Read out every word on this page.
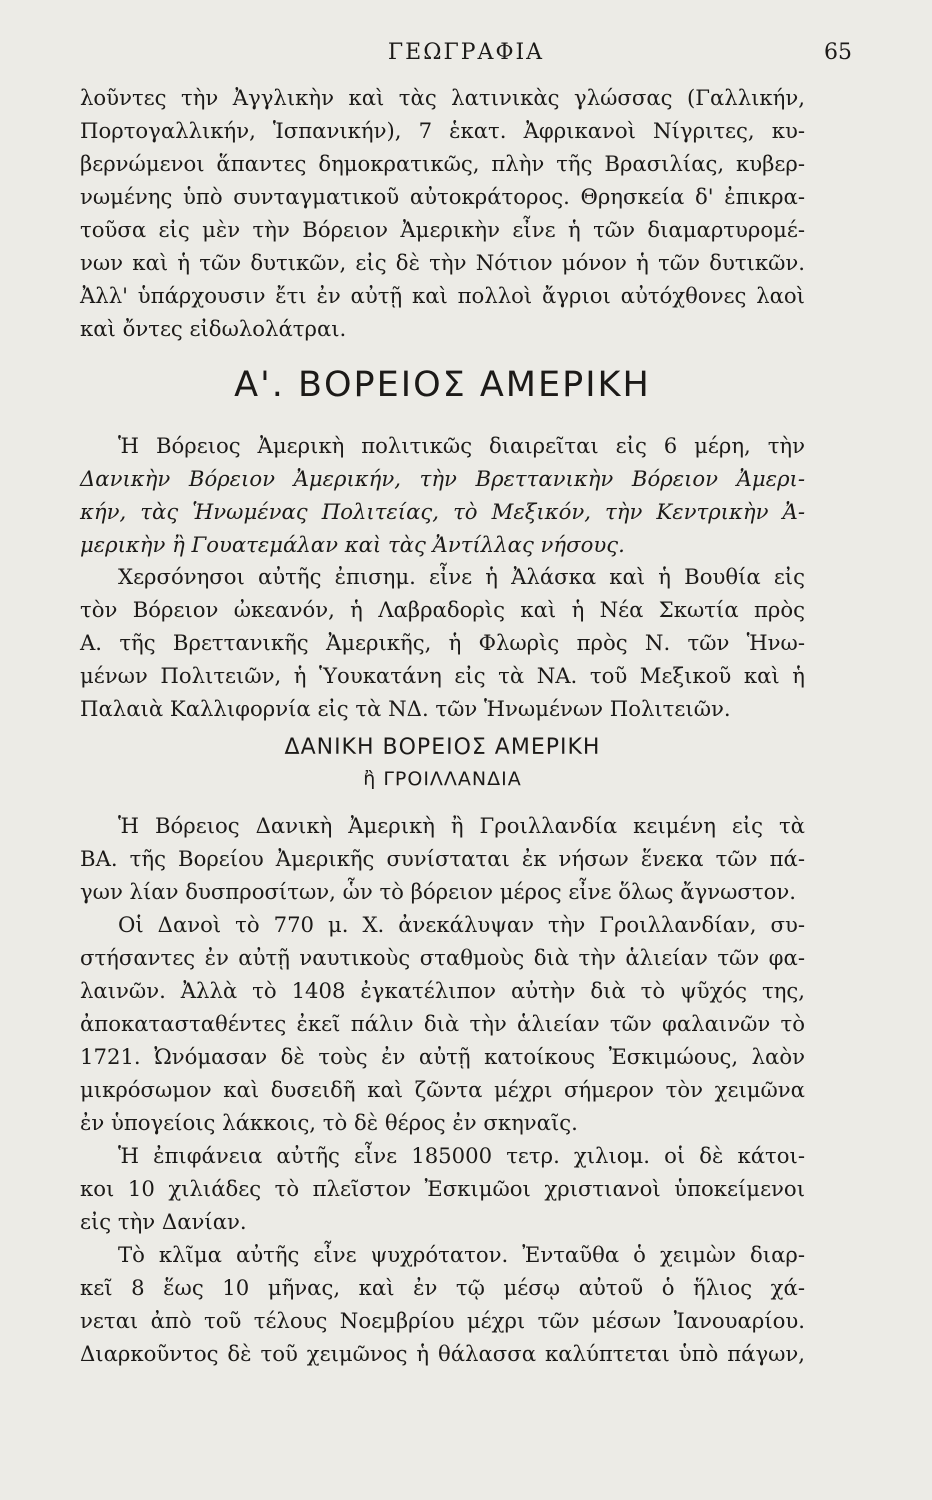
ΓΕΩΓΡΑΦΙΑ	65
λοῦντες τὴν Ἀγγλικὴν καὶ τὰς λατινικὰς γλώσσας (Γαλλικήν,
Πορτογαλλικήν, Ἱσπανικήν), 7 ἑκατ. Ἀφρικανοὶ Νίγριτες, κυ-
βερνώμενοι ἅπαντες δημοκρατικῶς, πλὴν τῆς Βρασιλίας, κυβερ-
νωμένης ὑπὸ συνταγματικοῦ αὐτοκράτορος. Θρησκεία δ' ἐπικρα-
τοῦσα εἰς μὲν τὴν Βόρειον Ἀμερικὴν εἶνε ἡ τῶν διαμαρτυρομέ-
νων καὶ ἡ τῶν δυτικῶν, εἰς δὲ τὴν Νότιον μόνον ἡ τῶν δυτικῶν.
Ἀλλ' ὑπάρχουσιν ἔτι ἐν αὐτῇ καὶ πολλοὶ ἄγριοι αὐτόχθονες λαοὶ
καὶ ὄντες εἰδωλολάτραι.
Α'. ΒΟΡΕΙΟΣ ΑΜΕΡΙΚΗ
Ἡ Βόρειος Ἀμερικὴ πολιτικῶς διαιρεῖται εἰς 6 μέρη, τὴν
Δανικὴν Βόρειον Ἀμερικήν, τὴν Βρεττανικὴν Βόρειον Ἀμερι-
κήν, τὰς Ἡνωμένας Πολιτείας, τὸ Μεξικόν, τὴν Κεντρικὴν Ἀ-
μερικὴν ἢ Γουατεμάλαν καὶ τὰς Ἀντίλλας νήσους.
Χερσόνησοι αὐτῆς ἐπισημ. εἶνε ἡ Ἀλάσκα καὶ ἡ Βουθία εἰς
τὸν Βόρειον ὠκεανόν, ἡ Λαβραδορὶς καὶ ἡ Νέα Σκωτία πρὸς
Α. τῆς Βρεττανικῆς Ἀμερικῆς, ἡ Φλωρὶς πρὸς Ν. τῶν Ἡνω-
μένων Πολιτειῶν, ἡ Ὑουκατάνη εἰς τὰ ΝΑ. τοῦ Μεξικοῦ καὶ ἡ
Παλαιὰ Καλλιφορνία εἰς τὰ ΝΔ. τῶν Ἡνωμένων Πολιτειῶν.
ΔΑΝΙΚΗ ΒΟΡΕΙΟΣ ΑΜΕΡΙΚΗ
ἢ ΓΡΟΙΛΛΑΝΔΙΑ
Ἡ Βόρειος Δανικὴ Ἀμερικὴ ἢ Γροιλλανδία κειμένη εἰς τὰ
ΒΑ. τῆς Βορείου Ἀμερικῆς συνίσταται ἐκ νήσων ἕνεκα τῶν πά-
γων λίαν δυσπροσίτων, ὧν τὸ βόρειον μέρος εἶνε ὅλως ἄγνωστον.
Οἱ Δανοὶ τὸ 770 μ. Χ. ἀνεκάλυψαν τὴν Γροιλλανδίαν, συ-
στήσαντες ἐν αὐτῇ ναυτικοὺς σταθμοὺς διὰ τὴν ἁλιείαν τῶν φα-
λαινῶν. Ἀλλὰ τὸ 1408 ἐγκατέλιπον αὐτὴν διὰ τὸ ψῦχός της,
ἀποκατασταθέντες ἐκεῖ πάλιν διὰ τὴν ἁλιείαν τῶν φαλαινῶν τὸ
1721. Ὠνόμασαν δὲ τοὺς ἐν αὐτῇ κατοίκους Ἐσκιμώους, λαὸν
μικρόσωμον καὶ δυσειδῆ καὶ ζῶντα μέχρι σήμερον τὸν χειμῶνα
ἐν ὑπογείοις λάκκοις, τὸ δὲ θέρος ἐν σκηναῖς.
Ἡ ἐπιφάνεια αὐτῆς εἶνε 185000 τετρ. χιλιομ. οἱ δὲ κάτοι-
κοι 10 χιλιάδες τὸ πλεῖστον Ἐσκιμῶοι χριστιανοὶ ὑποκείμενοι
εἰς τὴν Δανίαν.
Τὸ κλῖμα αὐτῆς εἶνε ψυχρότατον. Ἐνταῦθα ὁ χειμὼν διαρ-
κεῖ 8 ἕως 10 μῆνας, καὶ ἐν τῷ μέσῳ αὐτοῦ ὁ ἥλιος χά-
νεται ἀπὸ τοῦ τέλους Νοεμβρίου μέχρι τῶν μέσων Ἰανουαρίου.
Διαρκοῦντος δὲ τοῦ χειμῶνος ἡ θάλασσα καλύπτεται ὑπὸ πάγων,
